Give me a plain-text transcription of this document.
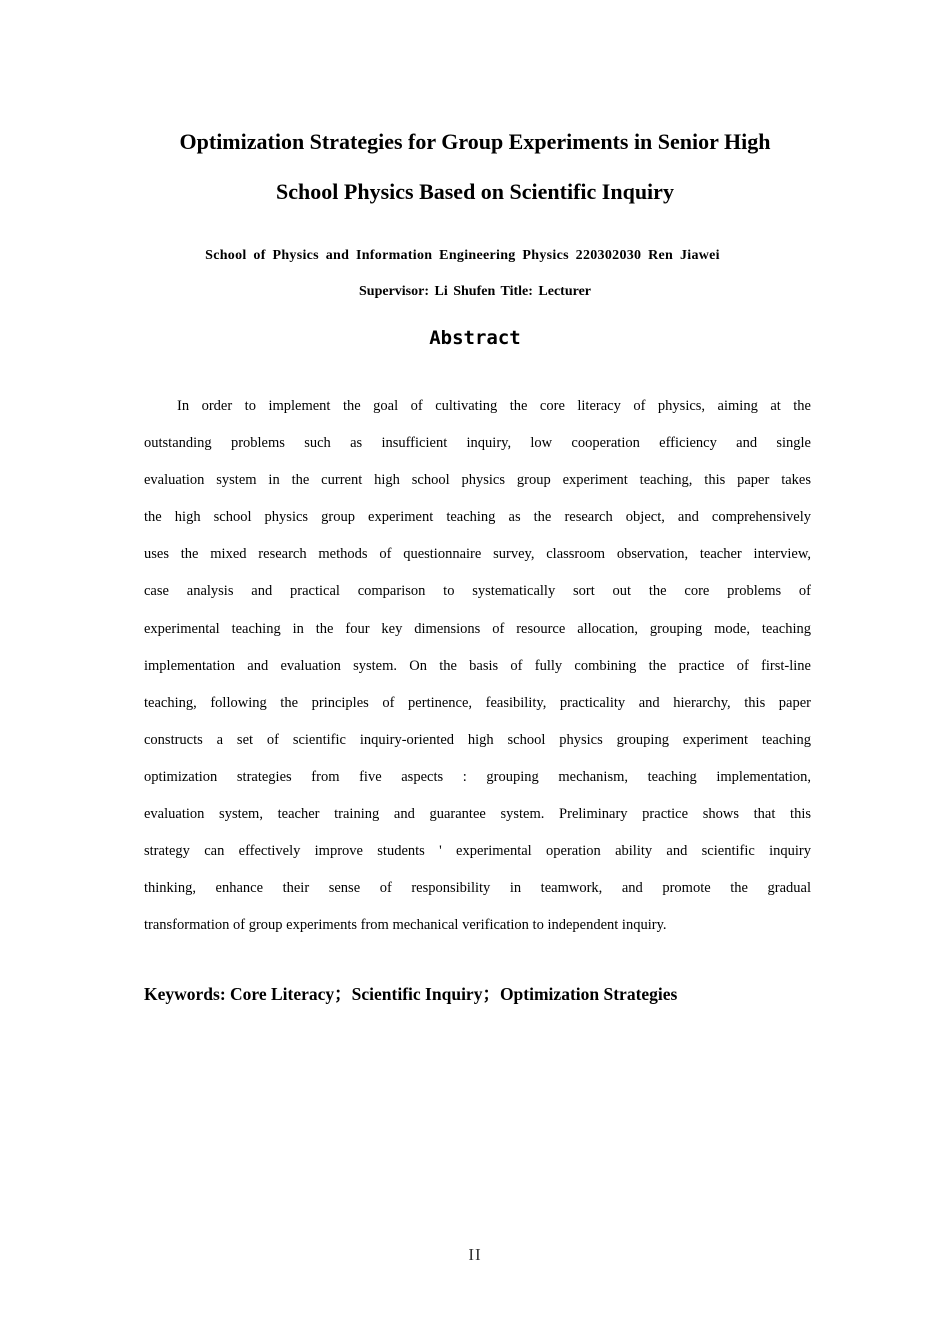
Optimization Strategies for Group Experiments in Senior High
School Physics Based on Scientific Inquiry

School of Physics and Information Engineering Physics 220302030 Ren Jiawei

Supervisor: Li Shufen Title: Lecturer

Abstract
In order to implement the goal of cultivating the core literacy of physics, aiming at the
outstanding problems such as insufficient inquiry, low cooperation efficiency and single
evaluation system in the current high school physics group experiment teaching, this paper takes
the high school physics group experiment teaching as the research object, and comprehensively
uses the mixed research methods of questionnaire survey, classroom observation, teacher interview,
case analysis and practical comparison to systematically sort out the core problems of
experimental teaching in the four key dimensions of resource allocation, grouping mode, teaching
implementation and evaluation system. On the basis of fully combining the practice of first-line
teaching, following the principles of pertinence, feasibility, practicality and hierarchy, this paper
constructs a set of scientific inquiry-oriented high school physics grouping experiment teaching
optimization strategies from five aspects : grouping mechanism, teaching implementation,
evaluation system, teacher training and guarantee system. Preliminary practice shows that this
strategy can effectively improve students ' experimental operation ability and scientific inquiry
thinking, enhance their sense of responsibility in teamwork, and promote the gradual
transformation of group experiments from mechanical verification to independent inquiry.

Keywords: Core Literacy；Scientific Inquiry；Optimization Strategies

II
